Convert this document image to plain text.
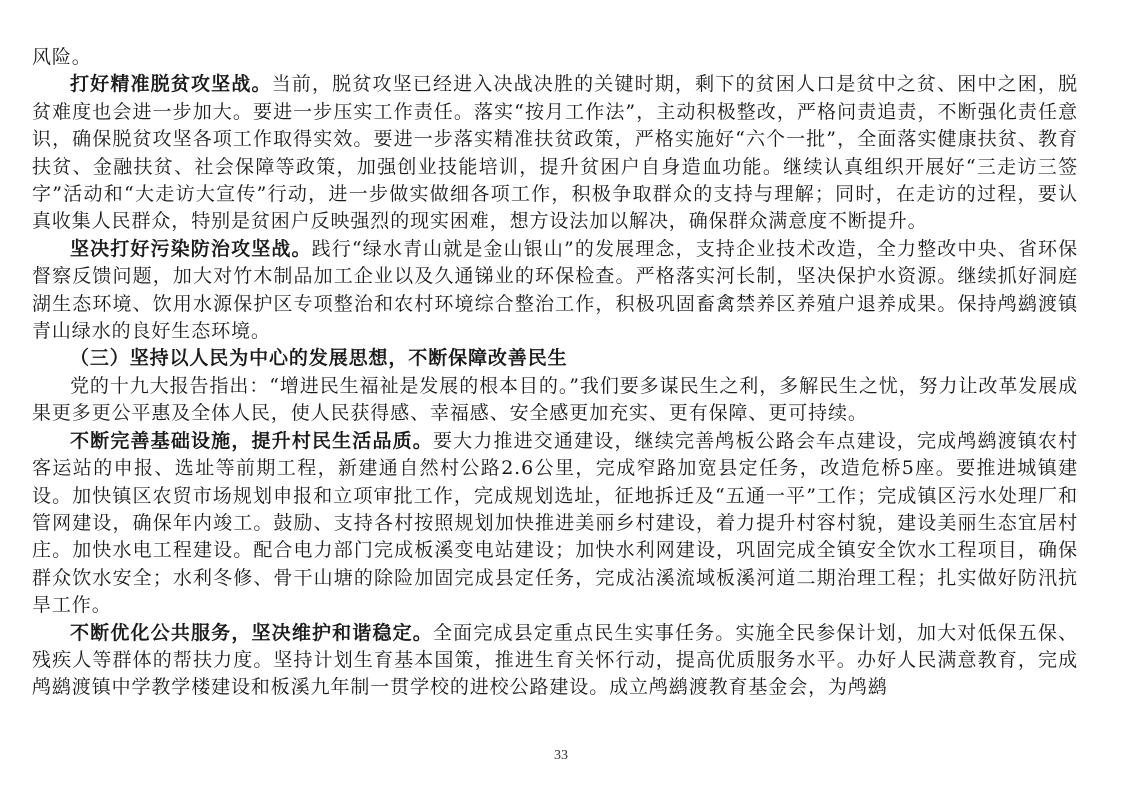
风险。

打好精准脱贫攻坚战。当前，脱贫攻坚已经进入决战决胜的关键时期，剩下的贫困人口是贫中之贫、困中之困，脱贫难度也会进一步加大。要进一步压实工作责任。落实“按月工作法”，主动积极整改，严格问责追责，不断强化责任意识，确保脱贫攻坚各项工作取得实效。要进一步落实精准扶贫政策，严格实施好“六个一批”，全面落实健康扶贫、教育扶贫、金融扶贫、社会保障等政策，加强创业技能培训，提升贫困户自身造血功能。继续认真组织开展好“三走访三签字”活动和“大走访大宣传”行动，进一步做实做细各项工作，积极争取群众的支持与理解；同时，在走访的过程，要认真收集人民群众，特别是贫困户反映强烈的现实困难，想方设法加以解决，确保群众满意度不断提升。

坚决打好污染防治攻坚战。践行“绿水青山就是金山银山”的发展理念，支持企业技术改造，全力整改中央、省环保督察反馈问题，加大对竹木制品加工企业以及久通锑业的环保检查。严格落实河长制，坚决保护水资源。继续抓好洞庭湖生态环境、饮用水源保护区专项整治和农村环境综合整治工作，积极巩固畜禽禁养区养殖户退养成果。保持鸬鹚渡镇青山绿水的良好生态环境。

（三）坚持以人民为中心的发展思想，不断保障改善民生

党的十九大报告指出：“增进民生福祉是发展的根本目的。”我们要多谋民生之利，多解民生之忧，努力让改革发展成果更多更公平惠及全体人民，使人民获得感、幸福感、安全感更加充实、更有保障、更可持续。

不断完善基础设施，提升村民生活品质。要大力推进交通建设，继续完善鸬板公路会车点建设，完成鸬鹚渡镇农村客运站的申报、选址等前期工程，新建通自然村公路2.6公里，完成窄路加宽县定任务，改造危桥5座。要推进城镇建设。加快镇区农贸市场规划申报和立项审批工作，完成规划选址，征地拆迁及“五通一平”工作；完成镇区污水处理厂和管网建设，确保年内竣工。鼓励、支持各村按照规划加快推进美丽乡村建设，着力提升村容村貌，建设美丽生态宜居村庄。加快水电工程建设。配合电力部门完成板溪变电站建设；加快水利网建设，巩固完成全镇安全饮水工程项目，确保群众饮水安全；水利冬修、骨干山塘的除险加固完成县定任务，完成沾溪流域板溪河道二期治理工程；扎实做好防汛抗旱工作。

不断优化公共服务，坚决维护和谐稳定。全面完成县定重点民生实事任务。实施全民参保计划，加大对低保五保、残疾人等群体的帮扶力度。坚持计划生育基本国策，推进生育关怀行动，提高优质服务水平。办好人民满意教育，完成鸬鹚渡镇中学教学楼建设和板溪九年制一贯学校的进校公路建设。成立鸬鹚渡教育基金会，为鸬鹚

33
